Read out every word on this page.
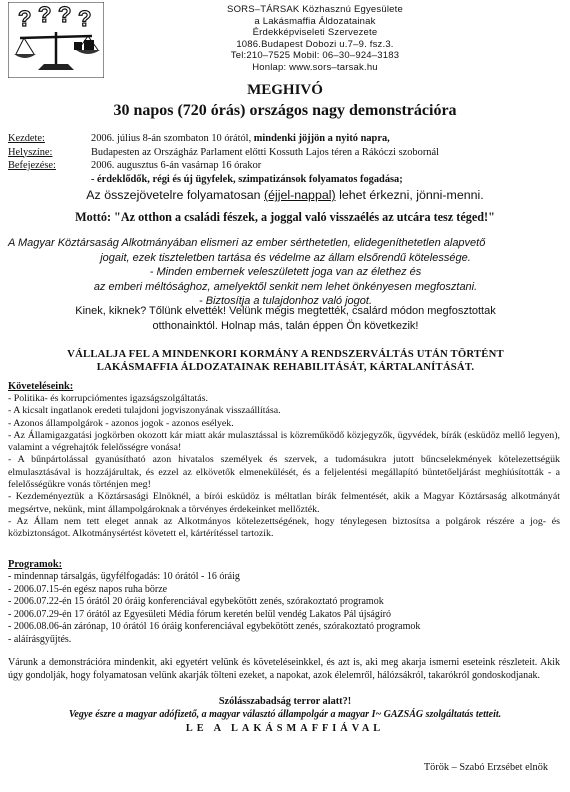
? ? ? ?	SORS–TÁRSAK Közhasznú Egyesülete
a Lakásmaffia Áldozatainak
Érdekképviseleti Szervezete
1086.Budapest Dobozi u.7–9. fsz.3.
Tel:210–7525 Mobil: 06–30–924–3183
Honlap: www.sors–tarsak.hu
MEGHIVÓ
30 napos (720 órás) országos nagy demonstrációra
Kezdete:	2006. július 8-án szombaton 10 órától, mindenki jöjjön a nyitó napra,
Helyszíne:	Budapesten az Országház Parlament előtti Kossuth Lajos téren a Rákóczi szobornál
Befejezése:	2006. augusztus 6-án vasárnap 16 órakor
- érdeklődők, régi és új ügyfelek, szimpatizánsok folyamatos fogadása;
Az összejövetelre folyamatosan (éjjel-nappal) lehet érkezni, jönni-menni.
Mottó: "Az otthon a családi fészek, a joggal való visszaélés az utcára tesz téged!"
A Magyar Köztársaság Alkotmányában elismeri az ember sérthetetlen, elidegeníthetetlen alapvető
jogait, ezek tiszteletben tartása és védelme az állam elsőrendű kötelessége.
- Minden embernek veleszületett joga van az élethez és
az emberi méltósághoz, amelyektől senkit nem lehet önkényesen megfosztani.
- Biztosítja a tulajdonhoz való jogot.
Kinek, kiknek? Tőlünk elvették! Velünk mégis megtették, csalárd módon megfosztottak
otthonainktól. Holnap más, talán éppen Ön következik!
VÁLLALJA FEL A MINDENKORI KORMÁNY A RENDSZERVÁLTÁS UTÁN TÖRTÉNT
LAKÁSMAFFIA ÁLDOZATAINAK REHABILITÁSÁT, KÁRTALANÍTÁSÁT.
Követeléseink:
- Politika- és korrupciómentes igazságszolgáltatás.
- A kicsalt ingatlanok eredeti tulajdoni jogviszonyának visszaállítása.
- Azonos állampolgárok - azonos jogok - azonos esélyek.
- Az Államigazgatási jogkörben okozott kár miatt akár mulasztással is közreműködő közjegyzők, ügyvédek, bírák (esküdöz mellő legyen), valamint a végrehajtók felelősségre vonása!
- A bűnpártolással gyanúsítható azon hivatalos személyek és szervek, a tudomásukra jutott bűncselekmények kötelezettségük elmulasztásával is hozzájárultak, és ezzel az elkövetők elmenekülését, és a feljelentési megállapító büntetőeljárást meghiúsították - a felelősségükre vonás történjen meg!
- Kezdeményeztük a Köztársasági Elnöknél, a bírói esküdöz is méltatlan bírák felmentését, akik a Magyar Köztársaság alkotmányát megsértve, nekünk, mint állampolgároknak a törvényes érdekeinket mellőzték.
- Az Állam nem tett eleget annak az Alkotmányos kötelezettségének, hogy ténylegesen biztosítsa a polgárok részére a jog- és közbiztonságot. Alkotmánysértést követett el, kártérítéssel tartozik.
Programok:
- mindennap társalgás, ügyfélfogadás: 10 órától - 16 óráig
- 2006.07.15-én egész napos ruha börze
- 2006.07.22-én 15 órától 20 óráig konferenciával egybekötött zenés, szórakoztató programok
- 2006.07.29-én 17 órától az Egyesületi Média fórum keretén belül vendég Lakatos Pál újságíró
- 2006.08.06-án zárónap, 10 órától 16 óráig konferenciával egybekötött zenés, szórakoztató programok
- aláírásgyűjtés.
Várunk a demonstrációra mindenkit, aki egyetért velünk és követeléseinkkel, és azt is, aki meg akarja ismerni eseteink részleteit. Akik úgy gondolják, hogy folyamatosan velünk akarják tölteni ezeket, a napokat, azok élelemről, hálózsákról, takarókról gondoskodjanak.
Szólásszabadság terror alatt?!
Vegye észre a magyar adófizető, a magyar választó állampolgár a magyar I~ GAZSÁG szolgáltatás tetteit.
LE A LAKÁSMAFFIÁVAL
Török – Szabó Erzsébet elnök
